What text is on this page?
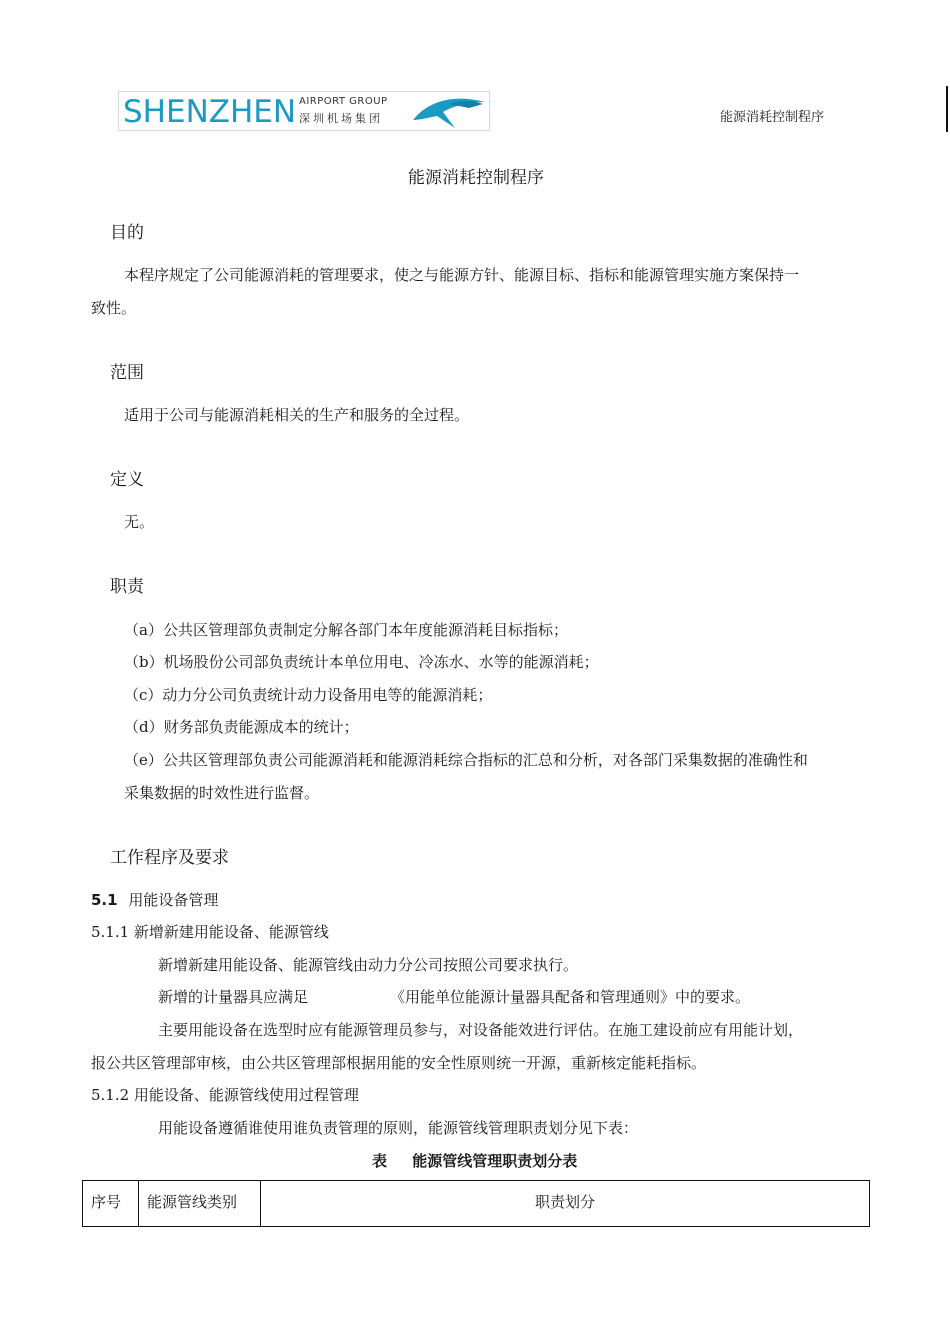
SHENZHEN AIRPORT GROUP
深圳机场集团	能源消耗控制程序
能源消耗控制程序
目的
本程序规定了公司能源消耗的管理要求，使之与能源方针、能源目标、指标和能源管理实施方案保持一
致性。
范围
适用于公司与能源消耗相关的生产和服务的全过程。
定义
无。
职责
（a）公共区管理部负责制定分解各部门本年度能源消耗目标指标；
（b）机场股份公司部负责统计本单位用电、冷冻水、水等的能源消耗；
（c）动力分公司负责统计动力设备用电等的能源消耗；
（d）财务部负责能源成本的统计；
（e）公共区管理部负责公司能源消耗和能源消耗综合指标的汇总和分析，对各部门采集数据的准确性和
采集数据的时效性进行监督。
工作程序及要求
5.1 用能设备管理
5.1.1 新增新建用能设备、能源管线
新增新建用能设备、能源管线由动力分公司按照公司要求执行。
新增的计量器具应满足	《用能单位能源计量器具配备和管理通则》中的要求。
主要用能设备在选型时应有能源管理员参与，对设备能效进行评估。在施工建设前应有用能计划，
报公共区管理部审核，由公共区管理部根据用能的安全性原则统一开源，重新核定能耗指标。
5.1.2 用能设备、能源管线使用过程管理
用能设备遵循谁使用谁负责管理的原则，能源管线管理职责划分见下表：
表 能源管线管理职责划分表
序号	能源管线类别	职责划分
